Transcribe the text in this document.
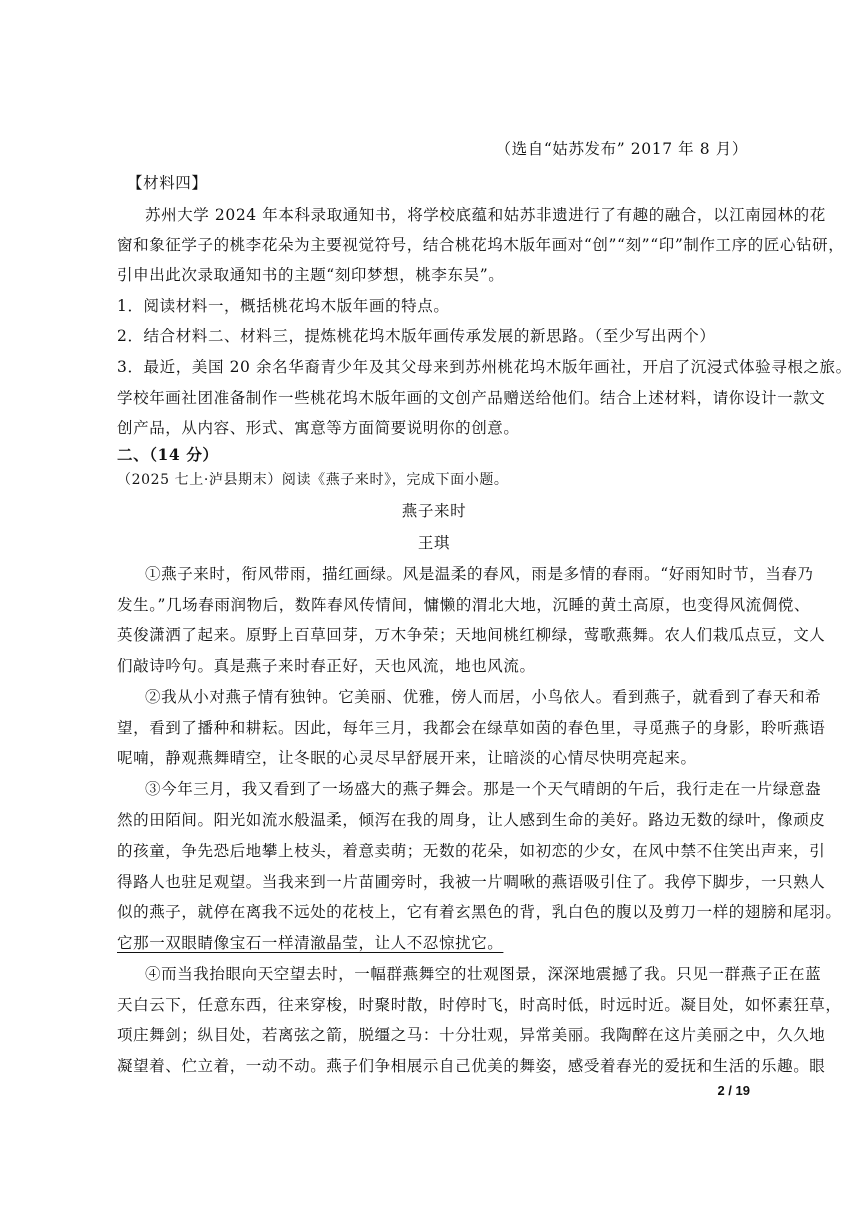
（选自“姑苏发布” 2017 年 8 月）
【材料四】
苏州大学 2024 年本科录取通知书，将学校底蕴和姑苏非遗进行了有趣的融合，以江南园林的花
窗和象征学子的桃李花朵为主要视觉符号，结合桃花坞木版年画对“创”“刻”“印”制作工序的匠心钻研，
引申出此次录取通知书的主题“刻印梦想，桃李东吴”。
1．阅读材料一，概括桃花坞木版年画的特点。
2．结合材料二、材料三，提炼桃花坞木版年画传承发展的新思路。（至少写出两个）
3．最近，美国 20 余名华裔青少年及其父母来到苏州桃花坞木版年画社，开启了沉浸式体验寻根之旅。
学校年画社团准备制作一些桃花坞木版年画的文创产品赠送给他们。结合上述材料，请你设计一款文
创产品，从内容、形式、寓意等方面简要说明你的创意。
二、（14 分）
（2025 七上·泸县期末）阅读《燕子来时》，完成下面小题。
燕子来时
王琪
①燕子来时，衔风带雨，描红画绿。风是温柔的春风，雨是多情的春雨。“好雨知时节，当春乃
发生。”几场春雨润物后，数阵春风传情间，慵懒的渭北大地，沉睡的黄土高原，也变得风流倜傥、
英俊潇洒了起来。原野上百草回芽，万木争荣；天地间桃红柳绿，莺歌燕舞。农人们栽瓜点豆，文人
们敲诗吟句。真是燕子来时春正好，天也风流，地也风流。
②我从小对燕子情有独钟。它美丽、优雅，傍人而居，小鸟依人。看到燕子，就看到了春天和希
望，看到了播种和耕耘。因此，每年三月，我都会在绿草如茵的春色里，寻觅燕子的身影，聆听燕语
呢喃，静观燕舞晴空，让冬眠的心灵尽早舒展开来，让暗淡的心情尽快明亮起来。
③今年三月，我又看到了一场盛大的燕子舞会。那是一个天气晴朗的午后，我行走在一片绿意盎
然的田陌间。阳光如流水般温柔，倾泻在我的周身，让人感到生命的美好。路边无数的绿叶，像顽皮
的孩童，争先恐后地攀上枝头，着意卖萌；无数的花朵，如初恋的少女，在风中禁不住笑出声来，引
得路人也驻足观望。当我来到一片苗圃旁时，我被一片啁啾的燕语吸引住了。我停下脚步，一只熟人
似的燕子，就停在离我不远处的花枝上，它有着玄黑色的背，乳白色的腹以及剪刀一样的翅膀和尾羽。
它那一双眼睛像宝石一样清澈晶莹，让人不忍惊扰它。
④而当我抬眼向天空望去时，一幅群燕舞空的壮观图景，深深地震撼了我。只见一群燕子正在蓝
天白云下，任意东西，往来穿梭，时聚时散，时停时飞，时高时低，时远时近。凝目处，如怀素狂草，
项庄舞剑；纵目处，若离弦之箭，脱缰之马：十分壮观，异常美丽。我陶醉在这片美丽之中，久久地
凝望着、伫立着，一动不动。燕子们争相展示自己优美的舞姿，感受着春光的爱抚和生活的乐趣。眼
2 / 19
